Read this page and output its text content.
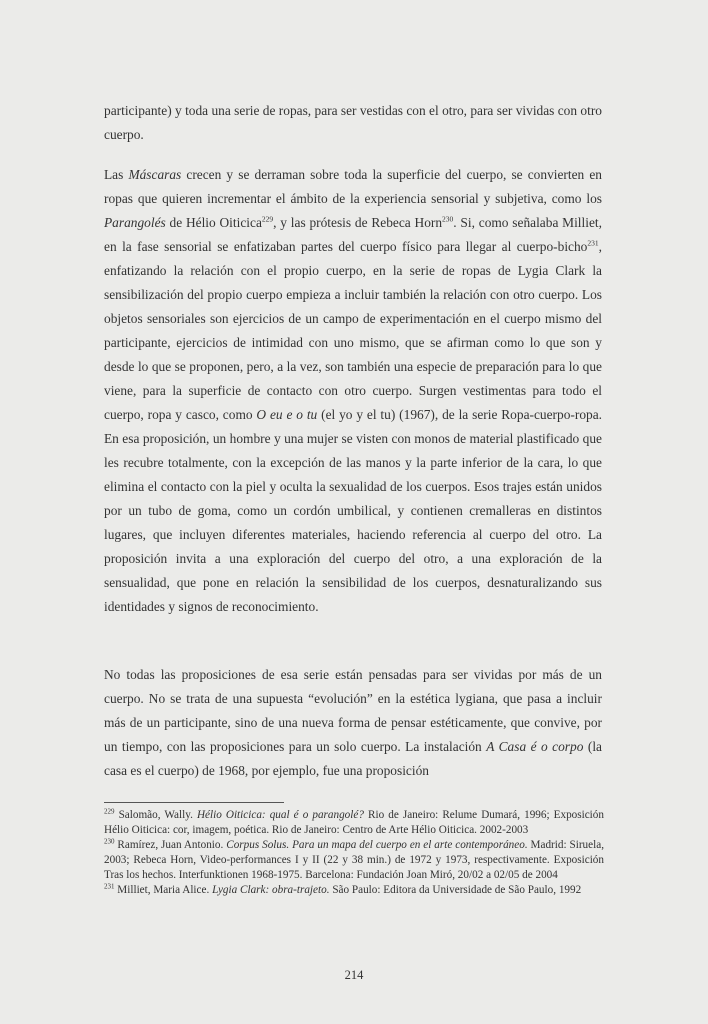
participante) y toda una serie de ropas, para ser vestidas con el otro, para ser vividas con otro cuerpo.

Las Máscaras crecen y se derraman sobre toda la superficie del cuerpo, se convierten en ropas que quieren incrementar el ámbito de la experiencia sensorial y subjetiva, como los Parangolés de Hélio Oiticica$^{229}$, y las prótesis de Rebeca Horn$^{230}$. Si, como señalaba Milliet, en la fase sensorial se enfatizaban partes del cuerpo físico para llegar al cuerpo-bicho$^{231}$, enfatizando la relación con el propio cuerpo, en la serie de ropas de Lygia Clark la sensibilización del propio cuerpo empieza a incluir también la relación con otro cuerpo. Los objetos sensoriales son ejercicios de un campo de experimentación en el cuerpo mismo del participante, ejercicios de intimidad con uno mismo, que se afirman como lo que son y desde lo que se proponen, pero, a la vez, son también una especie de preparación para lo que viene, para la superficie de contacto con otro cuerpo. Surgen vestimentas para todo el cuerpo, ropa y casco, como O eu e o tu (el yo y el tu) (1967), de la serie Ropa-cuerpo-ropa. En esa proposición, un hombre y una mujer se visten con monos de material plastificado que les recubre totalmente, con la excepción de las manos y la parte inferior de la cara, lo que elimina el contacto con la piel y oculta la sexualidad de los cuerpos. Esos trajes están unidos por un tubo de goma, como un cordón umbilical, y contienen cremalleras en distintos lugares, que incluyen diferentes materiales, haciendo referencia al cuerpo del otro. La proposición invita a una exploración del cuerpo del otro, a una exploración de la sensualidad, que pone en relación la sensibilidad de los cuerpos, desnaturalizando sus identidades y signos de reconocimiento.

No todas las proposiciones de esa serie están pensadas para ser vividas por más de un cuerpo. No se trata de una supuesta “evolución” en la estética lygiana, que pasa a incluir más de un participante, sino de una nueva forma de pensar estéticamente, que convive, por un tiempo, con las proposiciones para un solo cuerpo. La instalación A Casa é o corpo (la casa es el cuerpo) de 1968, por ejemplo, fue una proposición

$^{229}$ Salomão, Wally. Hélio Oiticica: qual é o parangolé? Rio de Janeiro: Relume Dumará, 1996; Exposición Hélio Oiticica: cor, imagem, poética. Rio de Janeiro: Centro de Arte Hélio Oiticica. 2002-2003

$^{230}$ Ramírez, Juan Antonio. Corpus Solus. Para un mapa del cuerpo en el arte contemporáneo. Madrid: Siruela, 2003; Rebeca Horn, Video-performances I y II (22 y 38 min.) de 1972 y 1973, respectivamente. Exposición Tras los hechos. Interfunktionen 1968-1975. Barcelona: Fundación Joan Miró, 20/02 a 02/05 de 2004

$^{231}$ Milliet, Maria Alice. Lygia Clark: obra-trajeto. São Paulo: Editora da Universidade de São Paulo, 1992

214
